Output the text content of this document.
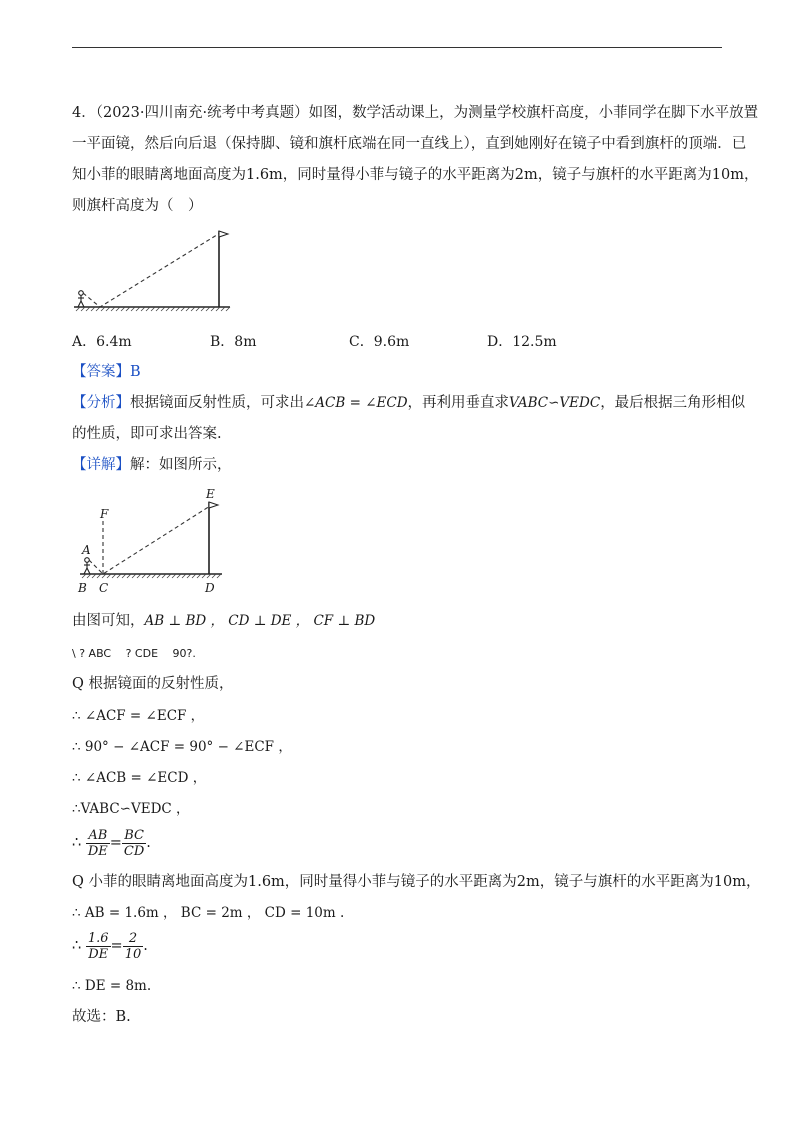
4．（2023·四川南充·统考中考真题）如图，数学活动课上，为测量学校旗杆高度，小菲同学在脚下水平放置
一平面镜，然后向后退（保持脚、镜和旗杆底端在同一直线上），直到她刚好在镜子中看到旗杆的顶端．已
知小菲的眼睛离地面高度为1.6m，同时量得小菲与镜子的水平距离为2m，镜子与旗杆的水平距离为10m，
则旗杆高度为（　）
A．6.4m	B．8m	C．9.6m	D．12.5m
【答案】B
【分析】根据镜面反射性质，可求出∠ACB = ∠ECD，再利用垂直求VABC∽VEDC，最后根据三角形相似
的性质，即可求出答案.
【详解】解：如图所示，
A
B C	D
E
F
由图可知，AB ⊥ BD ， CD ⊥ DE ， CF ⊥ BD
\ ? ABC　 ? CDE　 90?.
Q 根据镜面的反射性质，
∴ ∠ACF = ∠ECF ，
∴ 90° − ∠ACF = 90° − ∠ECF ，
∴ ∠ACB = ∠ECD ，
∴VABC∽VEDC ，
∴ $\frac{AB}{DE} = \frac{BC}{CD}$ .
Q 小菲的眼睛离地面高度为1.6m，同时量得小菲与镜子的水平距离为2m，镜子与旗杆的水平距离为10m，
∴ AB = 1.6m ， BC = 2m ， CD = 10m .
∴ $\frac{1.6}{DE} = \frac{2}{10}$ .
∴ DE = 8m.
故选：B.
